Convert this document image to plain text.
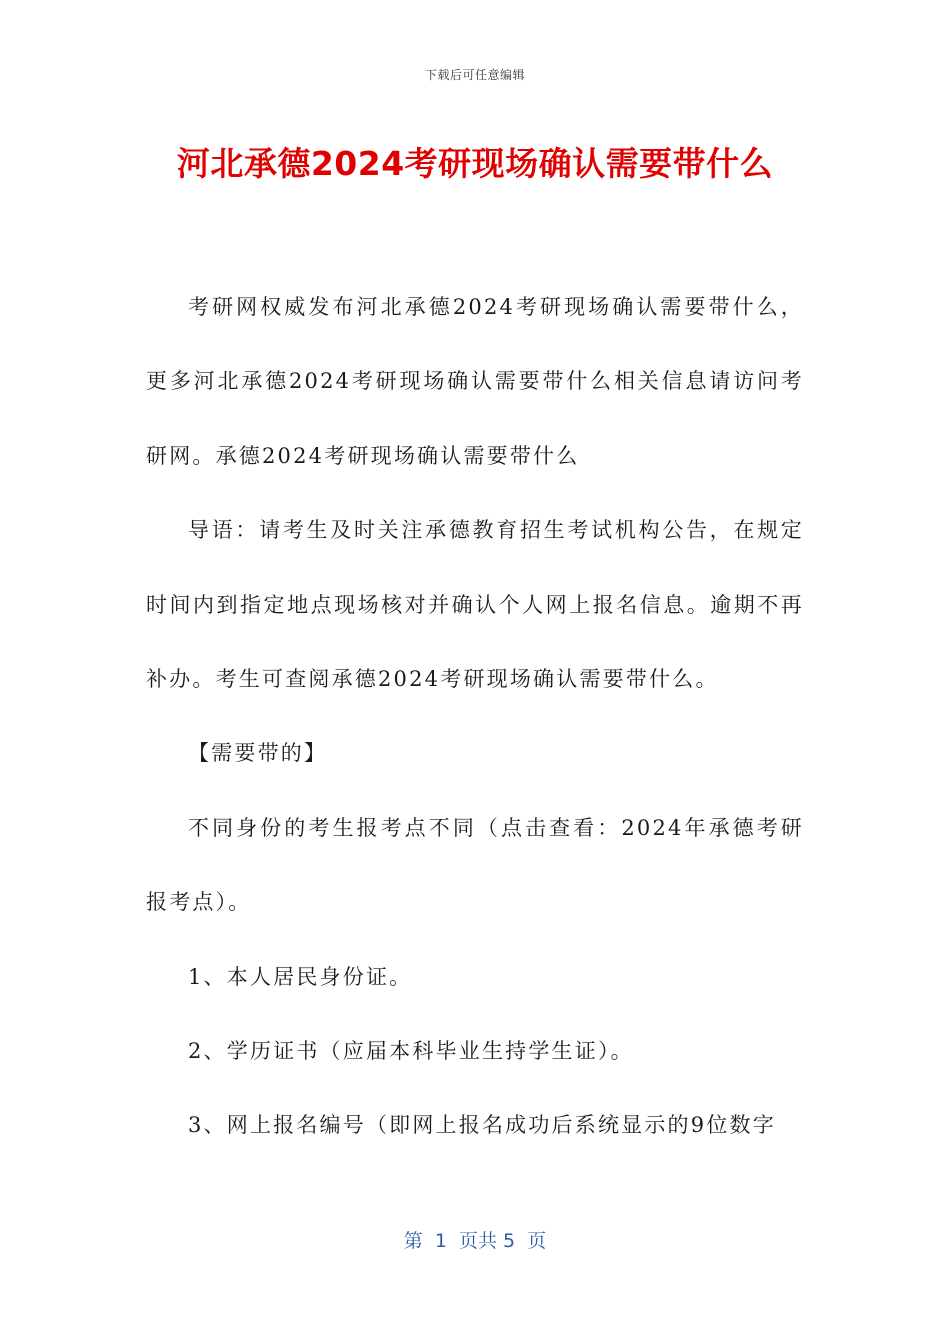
下载后可任意编辑
河北承德2024考研现场确认需要带什么

考研网权威发布河北承德2024考研现场确认需要带什么，更多河北承德2024考研现场确认需要带什么相关信息请访问考研网。承德2024考研现场确认需要带什么

导语：请考生及时关注承德教育招生考试机构公告，在规定时间内到指定地点现场核对并确认个人网上报名信息。逾期不再补办。考生可查阅承德2024考研现场确认需要带什么。

【需要带的】

不同身份的考生报考点不同（点击查看：2024年承德考研报考点）。

1、本人居民身份证。

2、学历证书（应届本科毕业生持学生证）。

3、网上报名编号（即网上报名成功后系统显示的9位数字

第  1  页共 5  页
